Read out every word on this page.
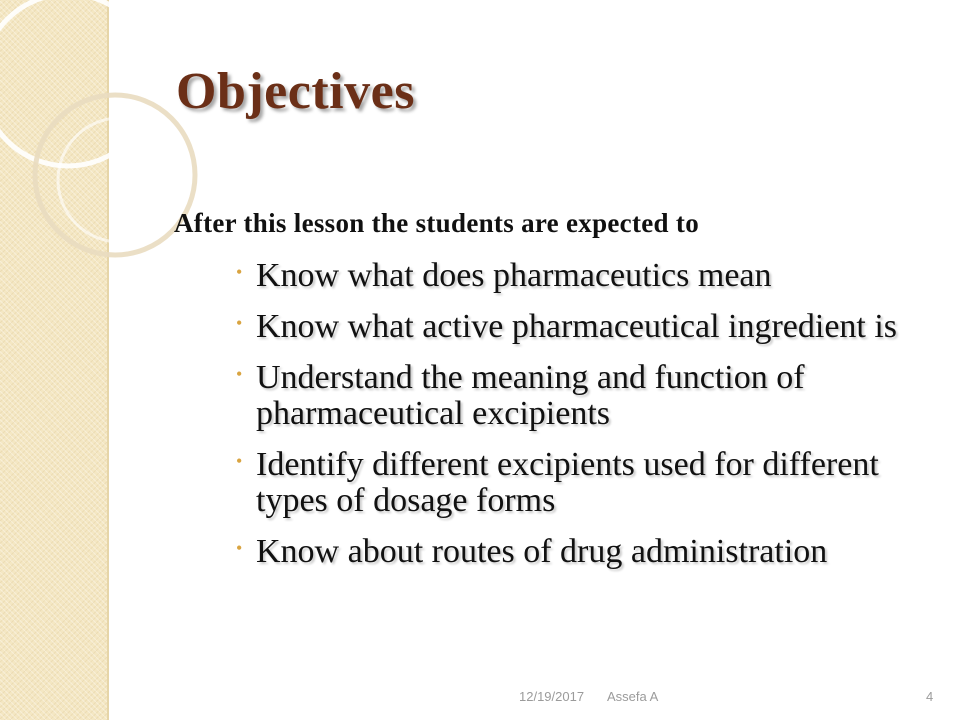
Objectives

After this lesson the students are expected to

• Know what does pharmaceutics mean
• Know what active pharmaceutical ingredient is
• Understand the meaning and function of pharmaceutical excipients
• Identify different excipients used for different types of dosage forms
• Know about routes of drug administration
12/19/2017 Assefa A	4
